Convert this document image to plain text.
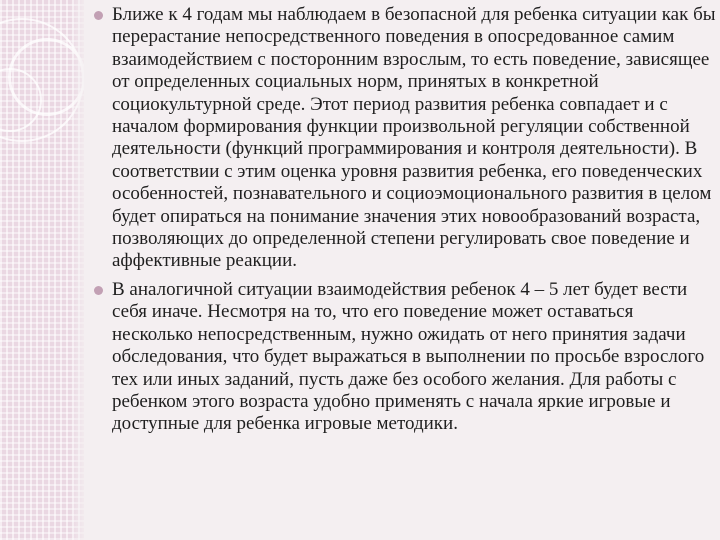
Ближе к 4 годам мы наблюдаем в безопасной для ребенка ситуации как бы перерастание непосредственного поведения в опосредованное самим взаимодействием с посторонним взрослым, то есть поведение, зависящее от определенных социальных норм, принятых в конкретной социокультурной среде. Этот период развития ребенка совпадает и с началом формирования функции произвольной регуляции собственной деятельности (функций программирования и контроля деятельности). В соответствии с этим оценка уровня развития ребенка, его поведенческих особенностей, познавательного и социоэмоционального развития в целом будет опираться на понимание значения этих новообразований возраста, позволяющих до определенной степени регулировать свое поведение и аффективные реакции.
В аналогичной ситуации взаимодействия ребенок 4 – 5 лет будет вести себя иначе. Несмотря на то, что его поведение может оставаться несколько непосредственным, нужно ожидать от него принятия задачи обследования, что будет выражаться в выполнении по просьбе взрослого тех или иных заданий, пусть даже без особого желания. Для работы с ребенком этого возраста удобно применять с начала яркие игровые и доступные для ребенка игровые методики.
